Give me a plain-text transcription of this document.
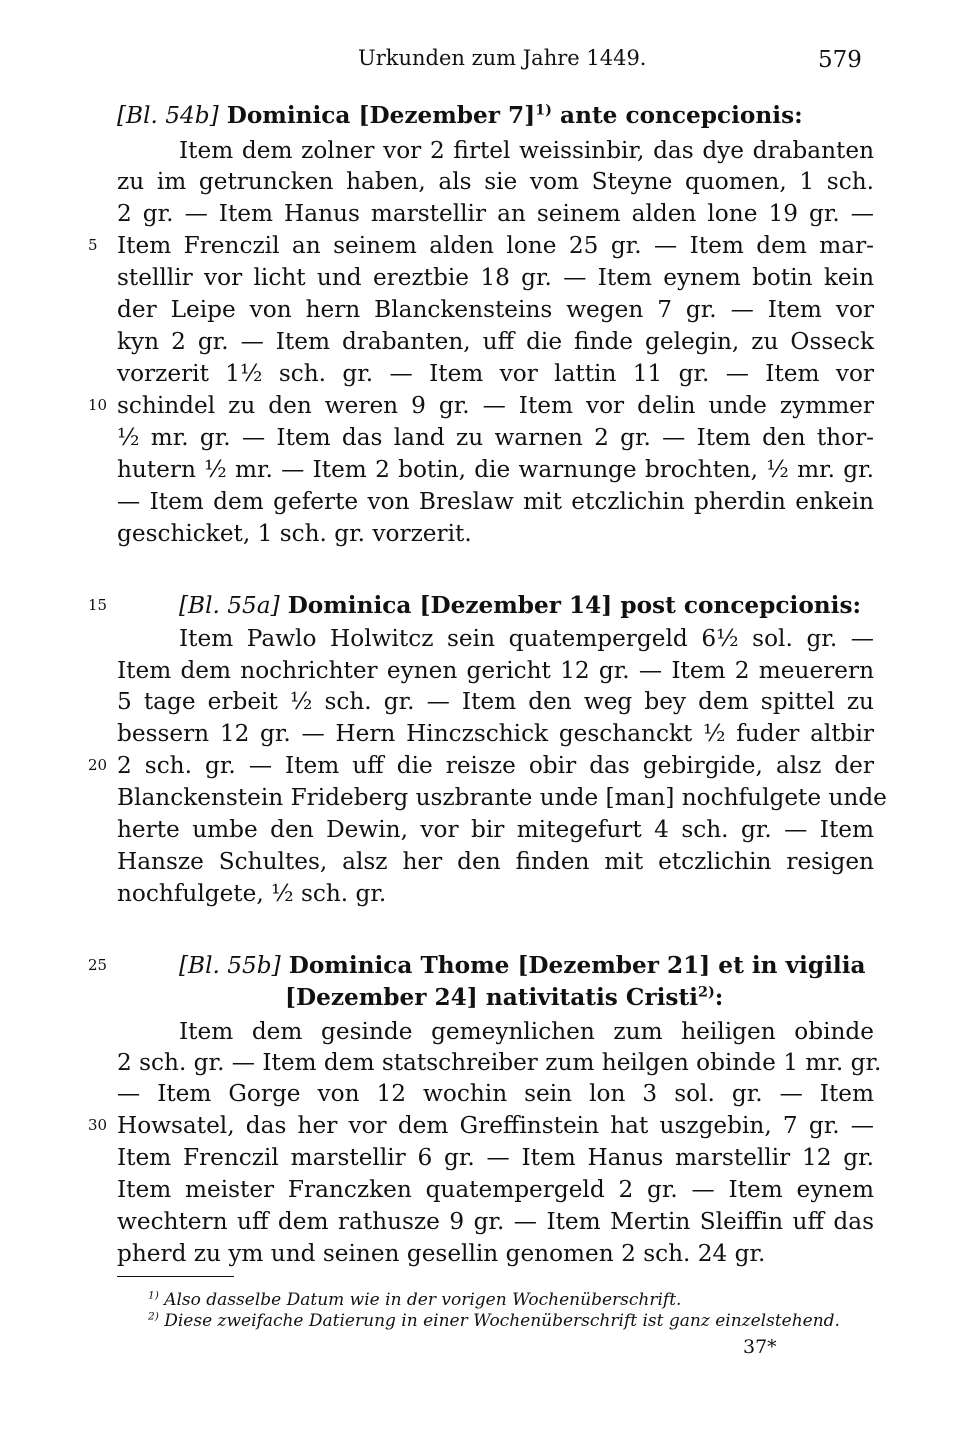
Urkunden zum Jahre 1449.	579
[Bl. 54b] Dominica [Dezember 7]$^{1)}$ ante concepcionis:
Item dem zolner vor 2 firtel weissinbir, das dye drabanten
zu im getruncken haben, als sie vom Steyne quomen, 1 sch.
2 gr. — Item Hanus marstellir an seinem alden lone 19 gr. —
Item Frenczil an seinem alden lone 25 gr. — Item dem mar-
stelllir vor licht und ereztbie 18 gr. — Item eynem botin kein
der Leipe von hern Blanckensteins wegen 7 gr. — Item vor
kyn 2 gr. — Item drabanten, uff die finde gelegin, zu Osseck
vorzerit 1½ sch. gr. — Item vor lattin 11 gr. — Item vor
schindel zu den weren 9 gr. — Item vor delin unde zymmer
½ mr. gr. — Item das land zu warnen 2 gr. — Item den thor-
hutern ½ mr. — Item 2 botin, die warnunge brochten, ½ mr. gr.
— Item dem geferte von Breslaw mit etczlichin pherdin enkein
geschicket, 1 sch. gr. vorzerit.
[Bl. 55a] Dominica [Dezember 14] post concepcionis:
Item Pawlo Holwitcz sein quatempergeld 6½ sol. gr. —
Item dem nochrichter eynen gericht 12 gr. — Item 2 meuerern
5 tage erbeit ½ sch. gr. — Item den weg bey dem spittel zu
bessern 12 gr. — Hern Hinczschick geschanckt ½ fuder altbir
2 sch. gr. — Item uff die reisze obir das gebirgide, alsz der
Blanckenstein Frideberg uszbrante unde [man] nochfulgete unde
herte umbe den Dewin, vor bir mitegefurt 4 sch. gr. — Item
Hansze Schultes, alsz her den finden mit etczlichin resigen
nochfulgete, ½ sch. gr.
[Bl. 55b] Dominica Thome [Dezember 21] et in vigilia
[Dezember 24] nativitatis Cristi$^{2)}$:
Item dem gesinde gemeynlichen zum heiligen obinde
2 sch. gr. — Item dem statschreiber zum heilgen obinde 1 mr. gr.
— Item Gorge von 12 wochin sein lon 3 sol. gr. — Item
Howsatel, das her vor dem Greffinstein hat uszgebin, 7 gr. —
Item Frenczil marstellir 6 gr. — Item Hanus marstellir 12 gr.
Item meister Franczken quatempergeld 2 gr. — Item eynem
wechtern uff dem rathusze 9 gr. — Item Mertin Sleiffin uff das
pherd zu ym und seinen gesellin genomen 2 sch. 24 gr.
5
10
15
20
25
30
$^{1)}$ Also dasselbe Datum wie in der vorigen Wochenüberschrift.
$^{2)}$ Diese zweifache Datierung in einer Wochenüberschrift ist ganz einzelstehend.
37*
